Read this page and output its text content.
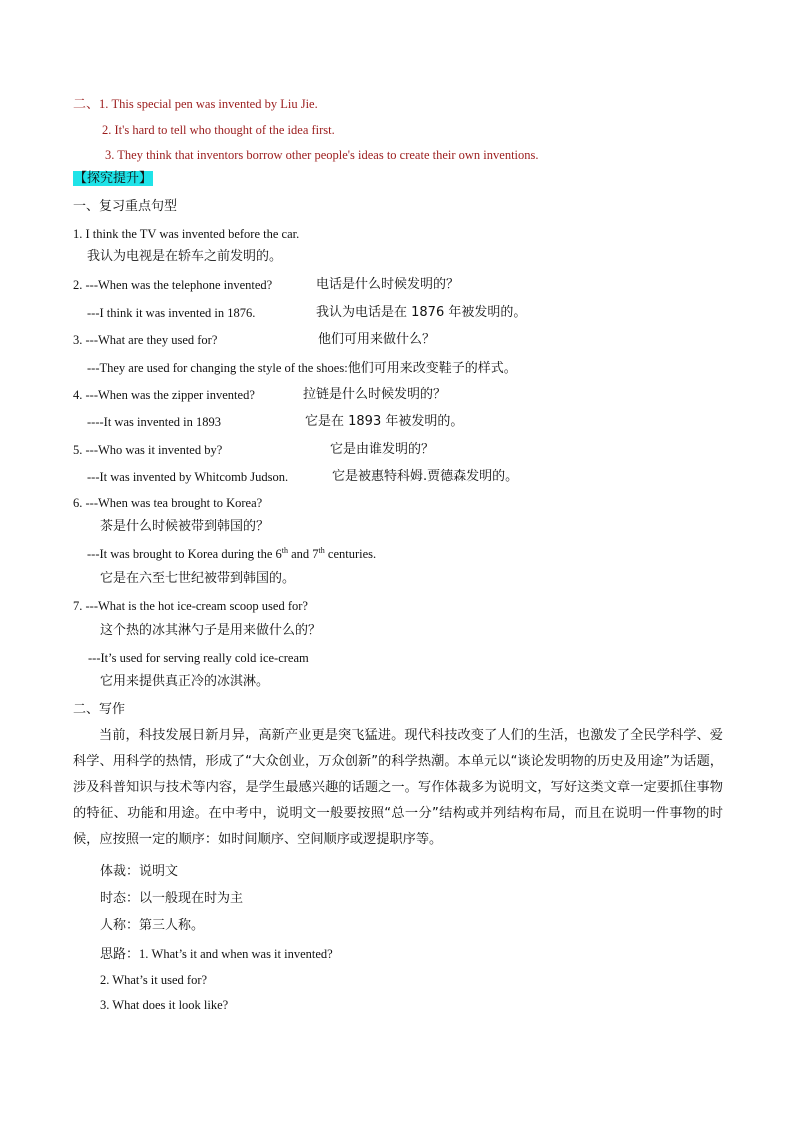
二、1. This special pen was invented by Liu Jie.
2. It's hard to tell who thought of the idea first.
3. They think that inventors borrow other people's ideas to create their own inventions.
【探究提升】
一、复习重点句型
1. I think the TV was invented before the car.
我认为电视是在轿车之前发明的。
2. ---When was the telephone invented?	电话是什么时候发明的？
---I think it was invented in 1876.	我认为电话是在 1876 年被发明的。
3. ---What are they used for?	他们可用来做什么？
---They are used for changing the style of the shoes:他们可用来改变鞋子的样式。
4. ---When was the zipper invented?	拉链是什么时候发明的？
----It was invented in 1893	它是在 1893 年被发明的。
5. ---Who was it invented by?	它是由谁发明的？
---It was invented by Whitcomb Judson.	它是被惠特科姆.贾德森发明的。
6. ---When was tea brought to Korea?
茶是什么时候被带到韩国的？
---It was brought to Korea during the 6th and 7th centuries.
它是在六至七世纪被带到韩国的。
7. ---What is the hot ice-cream scoop used for?
这个热的冰其淋勺子是用来做什么的？
---It’s used for serving really cold ice-cream
它用来提供真正冷的冰淇淋。
二、写作
当前，科技发展日新月异，高新产业更是突飞猛进。现代科技改变了人们的生活，也激发了全民学科学、爱科学、用科学的热情，形成了“大众创业，万众创新”的科学热潮。本单元以“谈论发明物的历史及用途”为话题，涉及科普知识与技术等内容，是学生最感兴趣的话题之一。写作体裁多为说明文，写好这类文章一定要抓住事物的特征、功能和用途。在中考中，说明文一般要按照“总一分”结构或并列结构布局，而且在说明一件事物的时候，应按照一定的顺序：如时间顺序、空间顺序或逻提职序等。
体裁：说明文
时态：以一般现在时为主
人称：第三人称。
思路：1. What’s it and when was it invented?
2. What’s it used for?
3. What does it look like?
